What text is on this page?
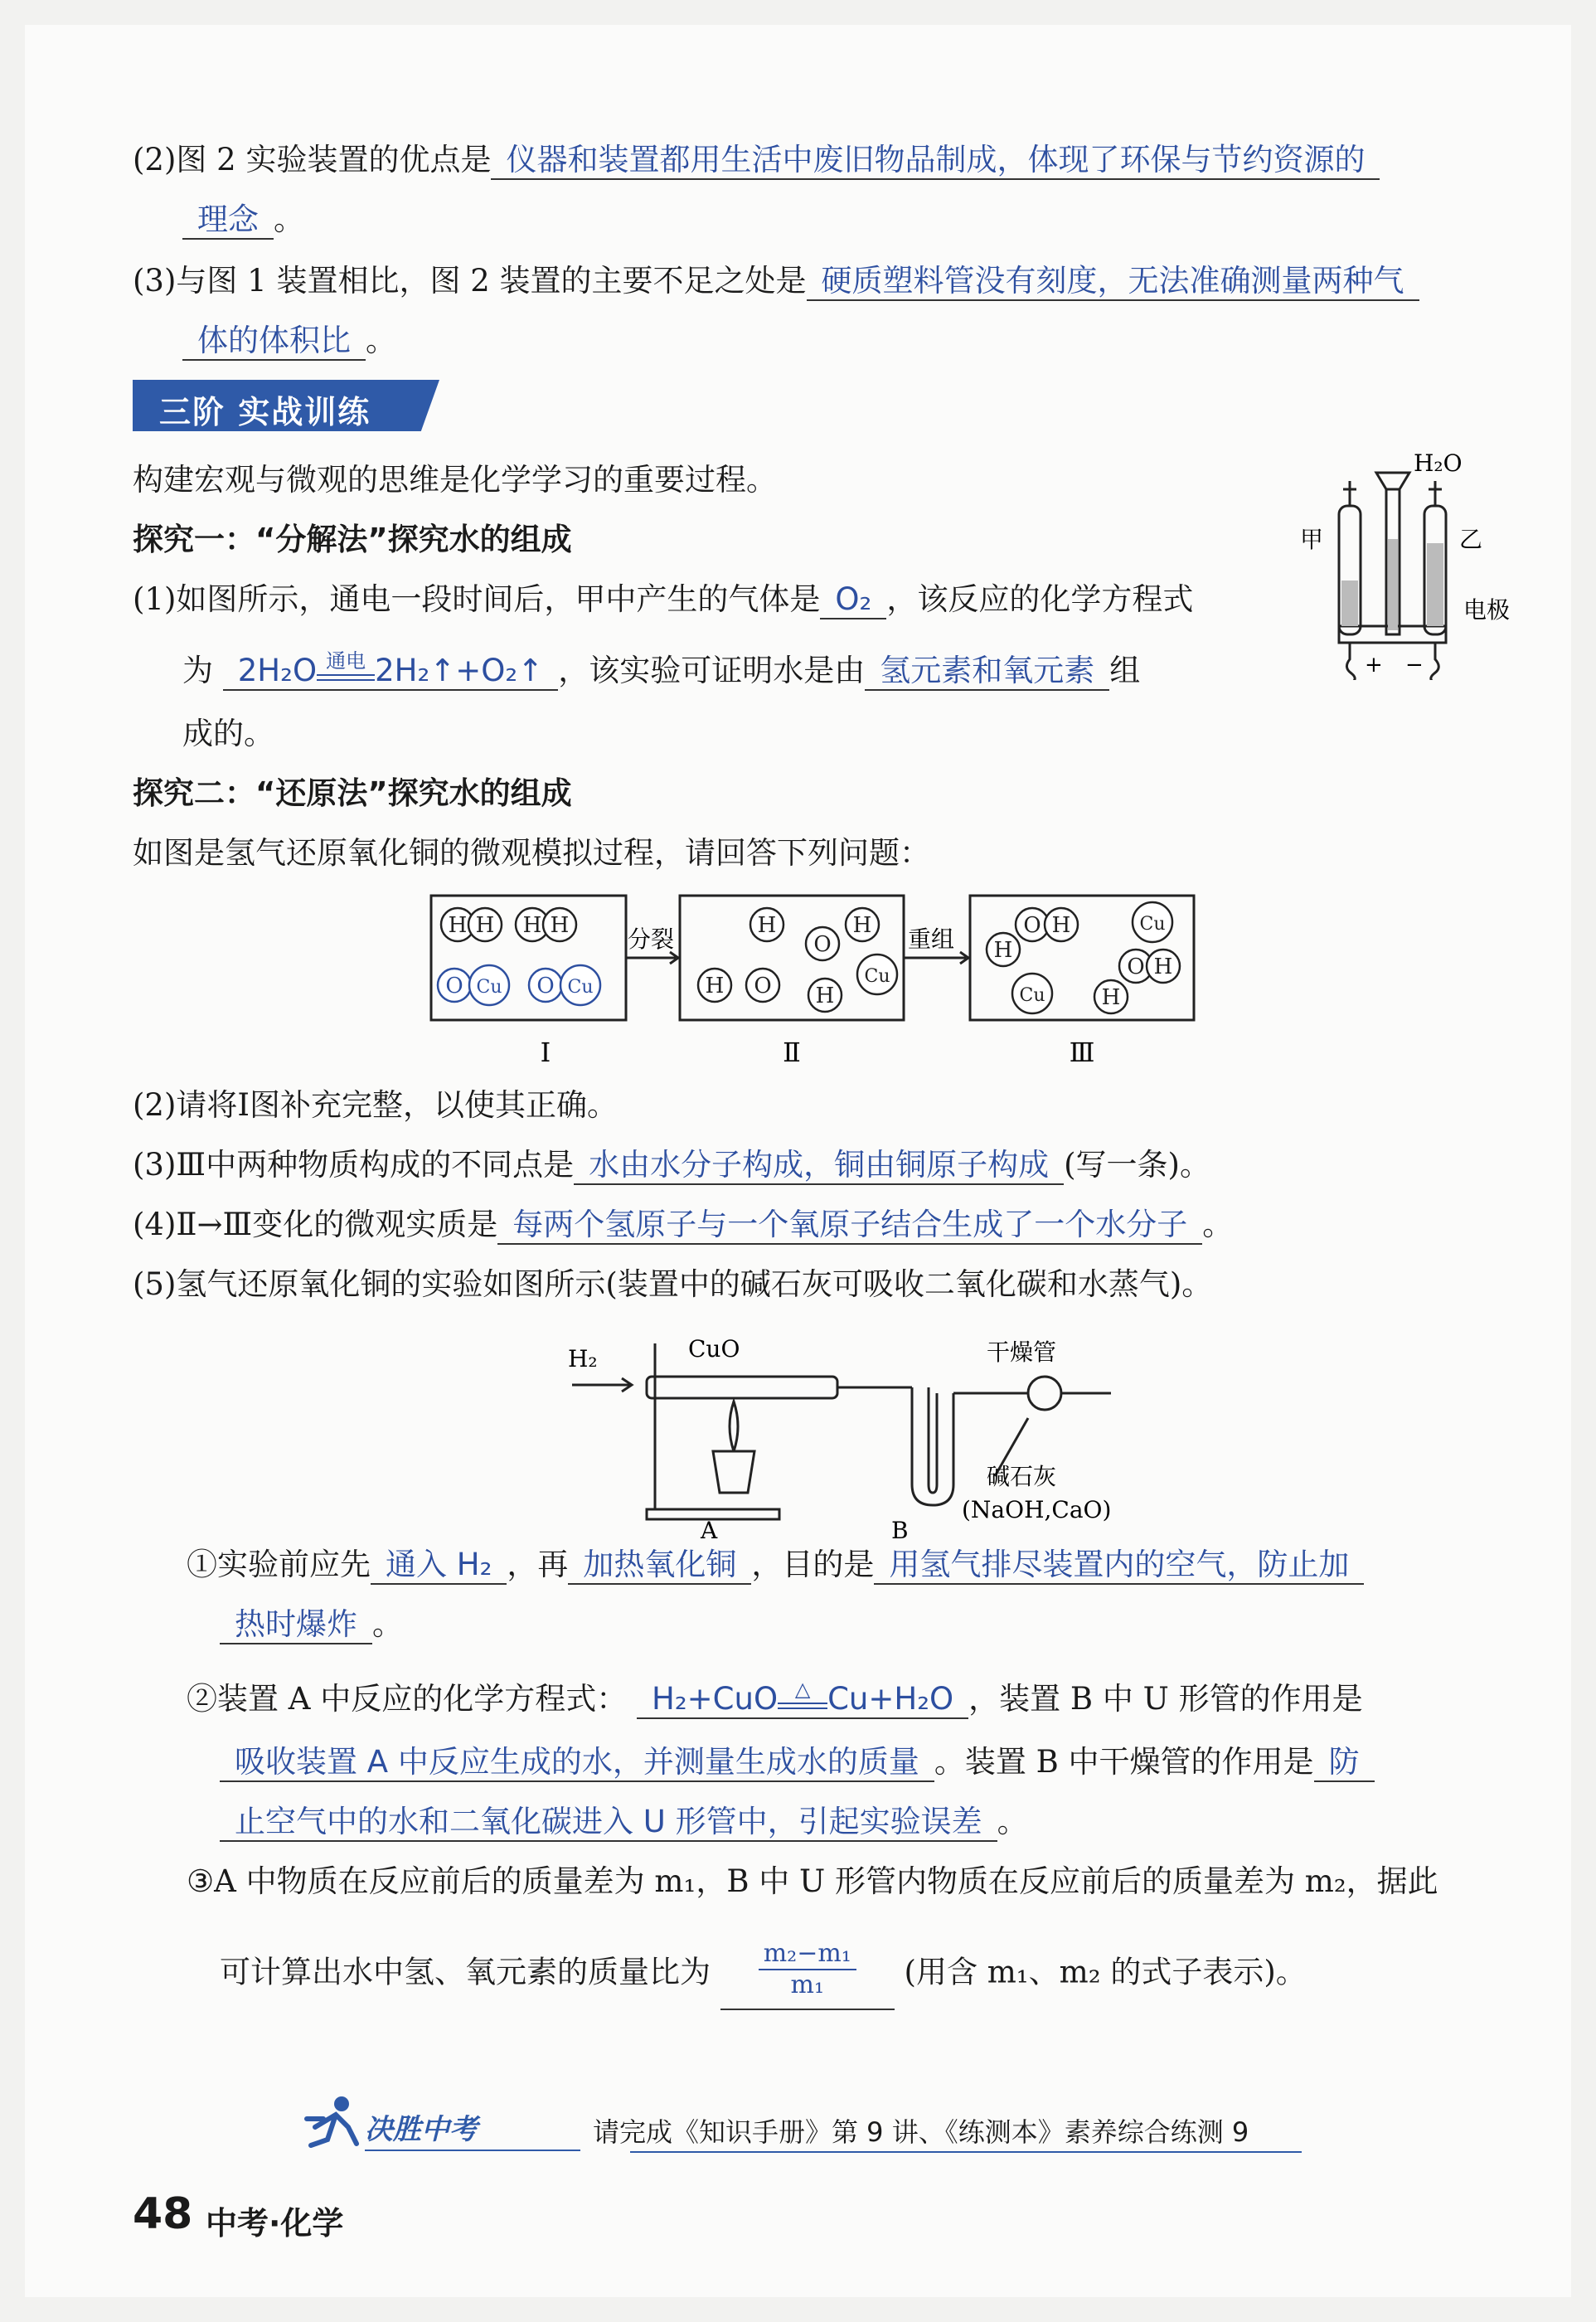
(2)图 2 实验装置的优点是 仪器和装置都用生活中废旧物品制成，体现了环保与节约资源的
理念 。
(3)与图 1 装置相比，图 2 装置的主要不足之处是 硬质塑料管没有刻度，无法准确测量两种气
体的体积比 。
三阶 实战训练
构建宏观与微观的思维是化学学习的重要过程。
探究一：“分解法”探究水的组成
(1)如图所示，通电一段时间后，甲中产生的气体是 O₂ ，该反应的化学方程式
为 2H₂O 通电 2H₂↑+O₂↑ ，该实验可证明水是由 氢元素和氧元素 组
成的。
H₂O
甲	乙
电极
+ −
探究二：“还原法”探究水的组成
如图是氢气还原氧化铜的微观模拟过程，请回答下列问题：
H H H H
O Cu O Cu
H
O
H
Cu
H O H
O H
H
Cu
Cu
O H
H
分裂	重组
Ⅰ	Ⅱ	Ⅲ
(2)请将Ⅰ图补充完整，以使其正确。
(3)Ⅲ中两种物质构成的不同点是 水由水分子构成，铜由铜原子构成 (写一条)。
(4)Ⅱ→Ⅲ变化的微观实质是 每两个氢原子与一个氧原子结合生成了一个水分子 。
(5)氢气还原氧化铜的实验如图所示(装置中的碱石灰可吸收二氧化碳和水蒸气)。
H₂	CuO	干燥管
碱石灰
(NaOH,CaO)
A	B
①实验前应先 通入 H₂ ，再 加热氧化铜 ，目的是 用氢气排尽装置内的空气，防止加
热时爆炸 。
②装置 A 中反应的化学方程式： H₂+CuO △ Cu+H₂O ，装置 B 中 U 形管的作用是
吸收装置 A 中反应生成的水，并测量生成水的质量 。装置 B 中干燥管的作用是 防
止空气中的水和二氧化碳进入 U 形管中，引起实验误差 。
③A 中物质在反应前后的质量差为 m₁，B 中 U 形管内物质在反应前后的质量差为 m₂，据此
可计算出水中氢、氧元素的质量比为 $\frac{\text{m₂−m₁}}{\text{m₁}}$ (用含 m₁、m₂ 的式子表示)。
决胜中考	请完成《知识手册》第 9 讲、《练测本》素养综合练测 9
48 中考·化学
